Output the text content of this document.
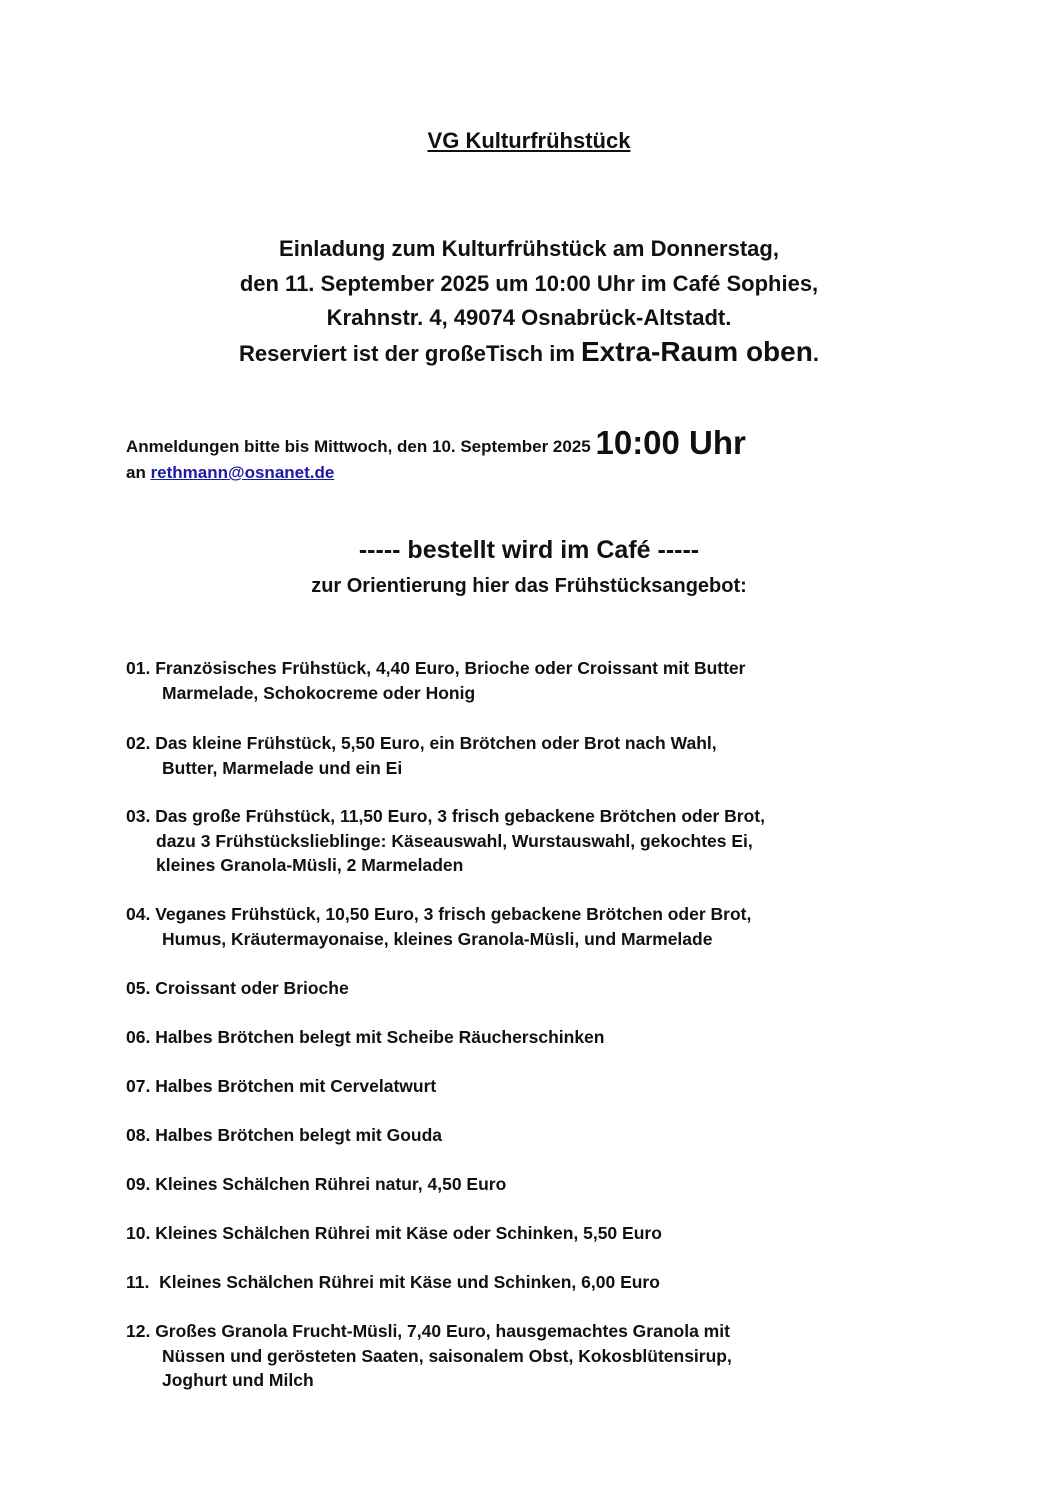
VG Kulturfrühstück
Einladung zum Kulturfrühstück am Donnerstag,
den 11. September 2025 um 10:00 Uhr im Café Sophies,
Krahnstr. 4, 49074 Osnabrück-Altstadt.
Reserviert ist der großeTisch im Extra-Raum oben.
Anmeldungen bitte bis Mittwoch, den 10. September 2025 10:00 Uhr
an rethmann@osnanet.de
----- bestellt wird im Café -----
zur Orientierung hier das Frühstücksangebot:
01. Französisches Frühstück, 4,40 Euro, Brioche oder Croissant mit Butter
Marmelade, Schokocreme oder Honig
02. Das kleine Frühstück, 5,50 Euro, ein Brötchen oder Brot nach Wahl,
Butter, Marmelade und ein Ei
03. Das große Frühstück, 11,50 Euro, 3 frisch gebackene Brötchen oder Brot,
dazu 3 Frühstückslieblinge: Käseauswahl, Wurstauswahl, gekochtes Ei,
kleines Granola-Müsli, 2 Marmeladen
04. Veganes Frühstück, 10,50 Euro, 3 frisch gebackene Brötchen oder Brot,
Humus, Kräutermayonaise, kleines Granola-Müsli, und Marmelade
05. Croissant oder Brioche
06. Halbes Brötchen belegt mit Scheibe Räucherschinken
07. Halbes Brötchen mit Cervelatwurt
08. Halbes Brötchen belegt mit Gouda
09. Kleines Schälchen Rührei natur, 4,50 Euro
10. Kleines Schälchen Rührei mit Käse oder Schinken, 5,50 Euro
11.  Kleines Schälchen Rührei mit Käse und Schinken, 6,00 Euro
12. Großes Granola Frucht-Müsli, 7,40 Euro, hausgemachtes Granola mit
Nüssen und gerösteten Saaten, saisonalem Obst, Kokosblütensirup,
Joghurt und Milch
